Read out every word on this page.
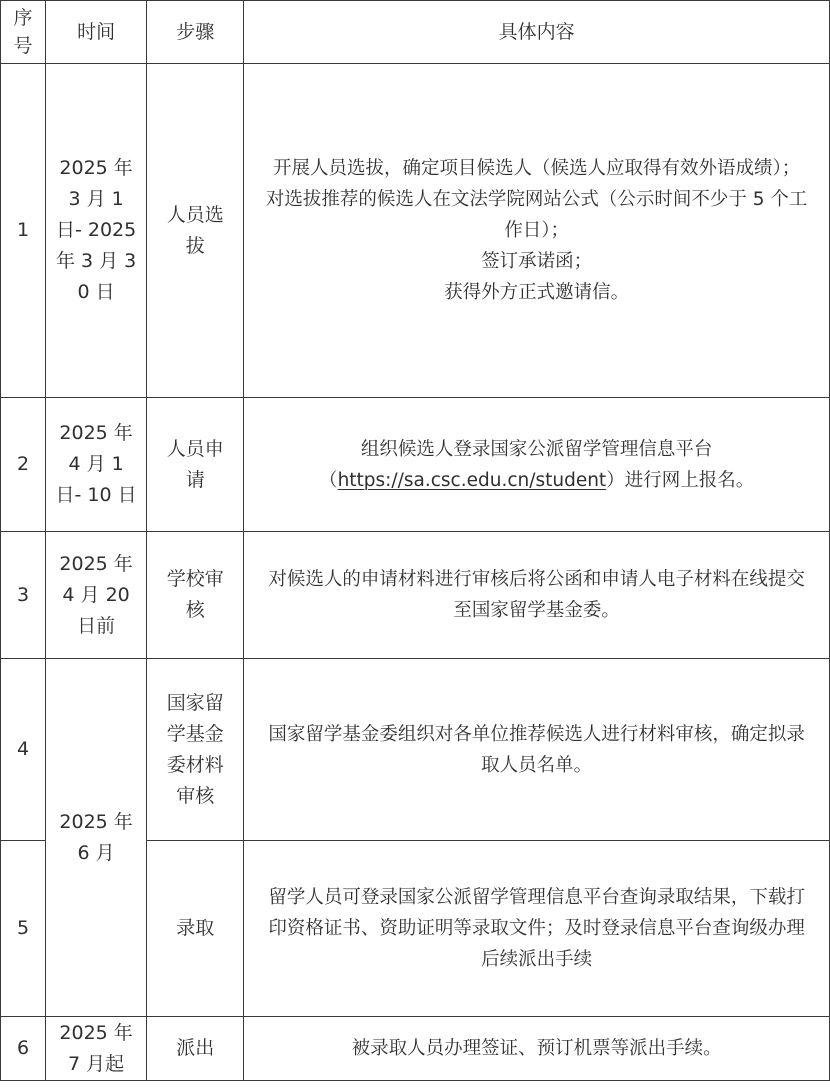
序号	时间	步骤	具体内容
1	2025 年 3 月 1 日- 2025 年 3 月 30 日	人员选拔	开展人员选拔，确定项目候选人（候选人应取得有效外语成绩）；
对选拔推荐的候选人在文法学院网站公式（公示时间不少于 5 个工作日）；
签订承诺函；
获得外方正式邀请信。

2	2025 年 4 月 1 日- 10 日	人员申请	组织候选人登录国家公派留学管理信息平台
（https://sa.csc.edu.cn/student）进行网上报名。

3	2025 年 4 月 20 日前	学校审核	对候选人的申请材料进行审核后将公函和申请人电子材料在线提交至国家留学基金委。

4	2025 年 6 月	国家留学基金委材料审核	国家留学基金委组织对各单位推荐候选人进行材料审核，确定拟录取人员名单。

5		录取	留学人员可登录国家公派留学管理信息平台查询录取结果，下载打印资格证书、资助证明等录取文件；及时登录信息平台查询级办理后续派出手续

6	2025 年 7 月起	派出	被录取人员办理签证、预订机票等派出手续。
